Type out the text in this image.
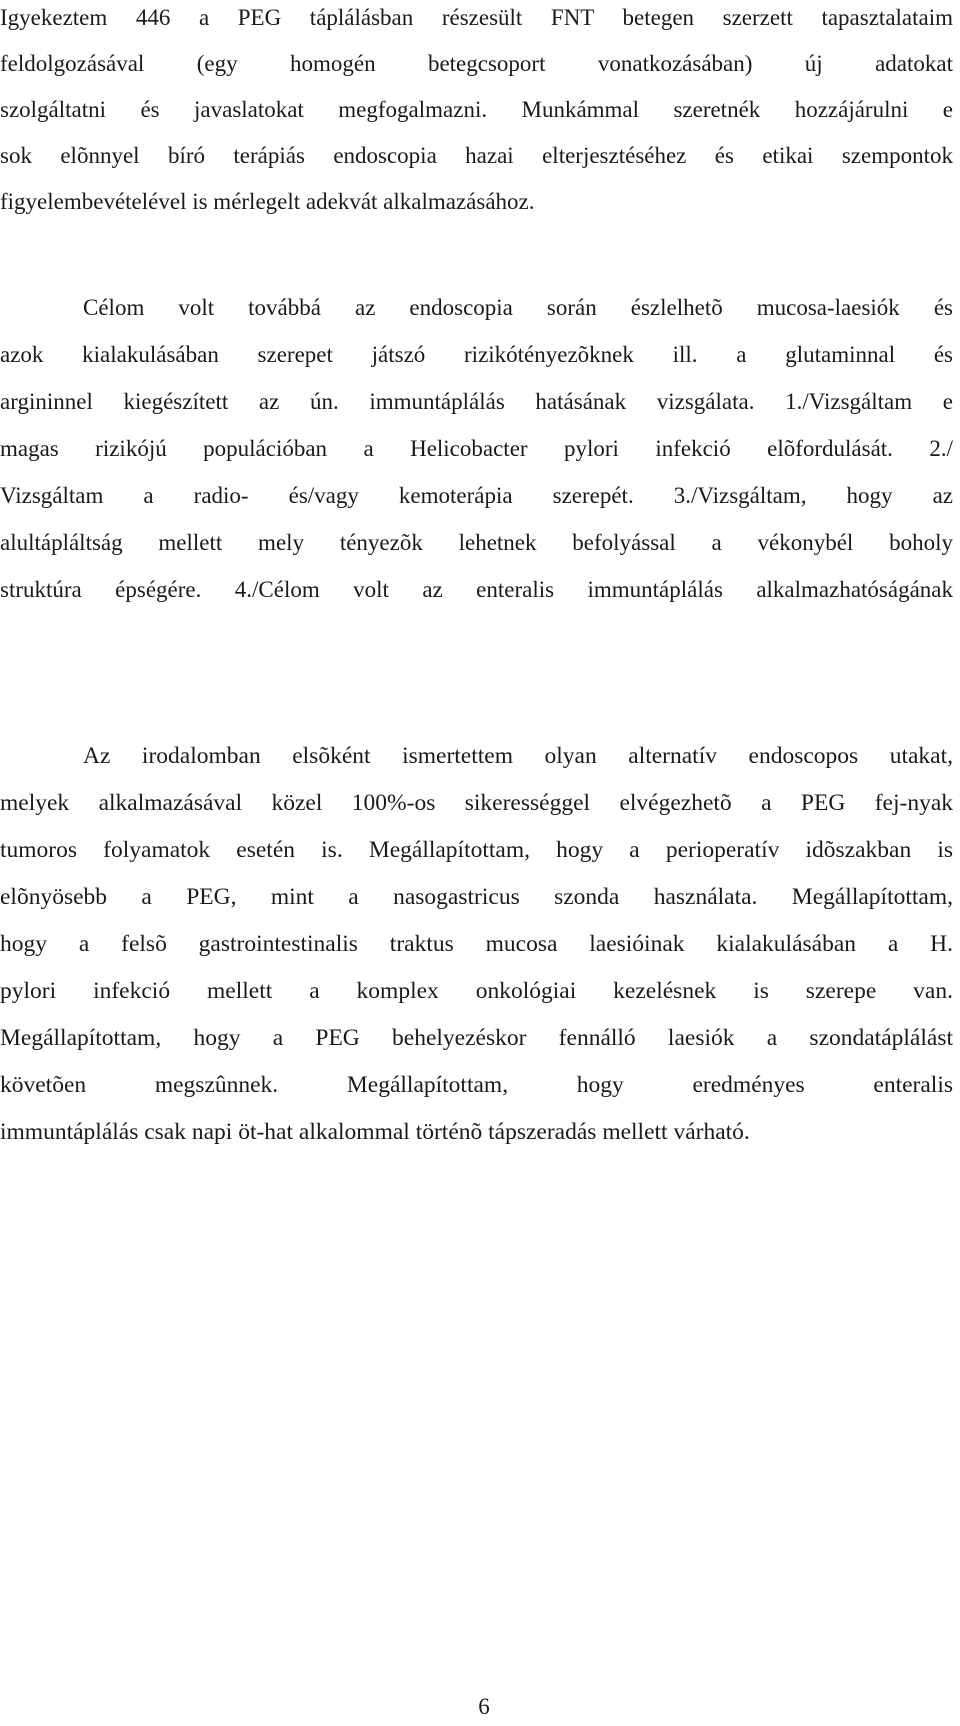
Igyekeztem 446 a PEG táplálásban részesült FNT betegen szerzett tapasztalataim
feldolgozásával (egy homogén betegcsoport vonatkozásában) új adatokat
szolgáltatni és javaslatokat megfogalmazni. Munkámmal szeretnék hozzájárulni e
sok elõnnyel bíró terápiás endoscopia hazai elterjesztéséhez és etikai szempontok
figyelembevételével is mérlegelt adekvát alkalmazásához.

Célom volt továbbá az endoscopia során észlelhetõ mucosa-laesiók és
azok kialakulásában szerepet játszó rizikótényezõknek ill. a glutaminnal és
argininnel kiegészített az ún. immuntáplálás hatásának vizsgálata. 1./Vizsgáltam e
magas rizikójú populációban a Helicobacter pylori infekció elõfordulását. 2./
Vizsgáltam a radio- és/vagy kemoterápia szerepét. 3./Vizsgáltam, hogy az
alultápláltság mellett mely tényezõk lehetnek befolyással a vékonybél boholy
struktúra épségére. 4./Célom volt az enteralis immuntáplálás alkalmazhatóságának

Az irodalomban elsõként ismertettem olyan alternatív endoscopos utakat,
melyek alkalmazásával közel 100%-os sikerességgel elvégezhetõ a PEG fej-nyak
tumoros folyamatok esetén is. Megállapítottam, hogy a perioperatív idõszakban is
elõnyösebb a PEG, mint a nasogastricus szonda használata. Megállapítottam,
hogy a felsõ gastrointestinalis traktus mucosa laesióinak kialakulásában a H.
pylori infekció mellett a komplex onkológiai kezelésnek is szerepe van.
Megállapítottam, hogy a PEG behelyezéskor fennálló laesiók a szondatáplálást
követõen megszûnnek. Megállapítottam, hogy eredményes enteralis
immuntáplálás csak napi öt-hat alkalommal történõ tápszeradás mellett várható.

6
